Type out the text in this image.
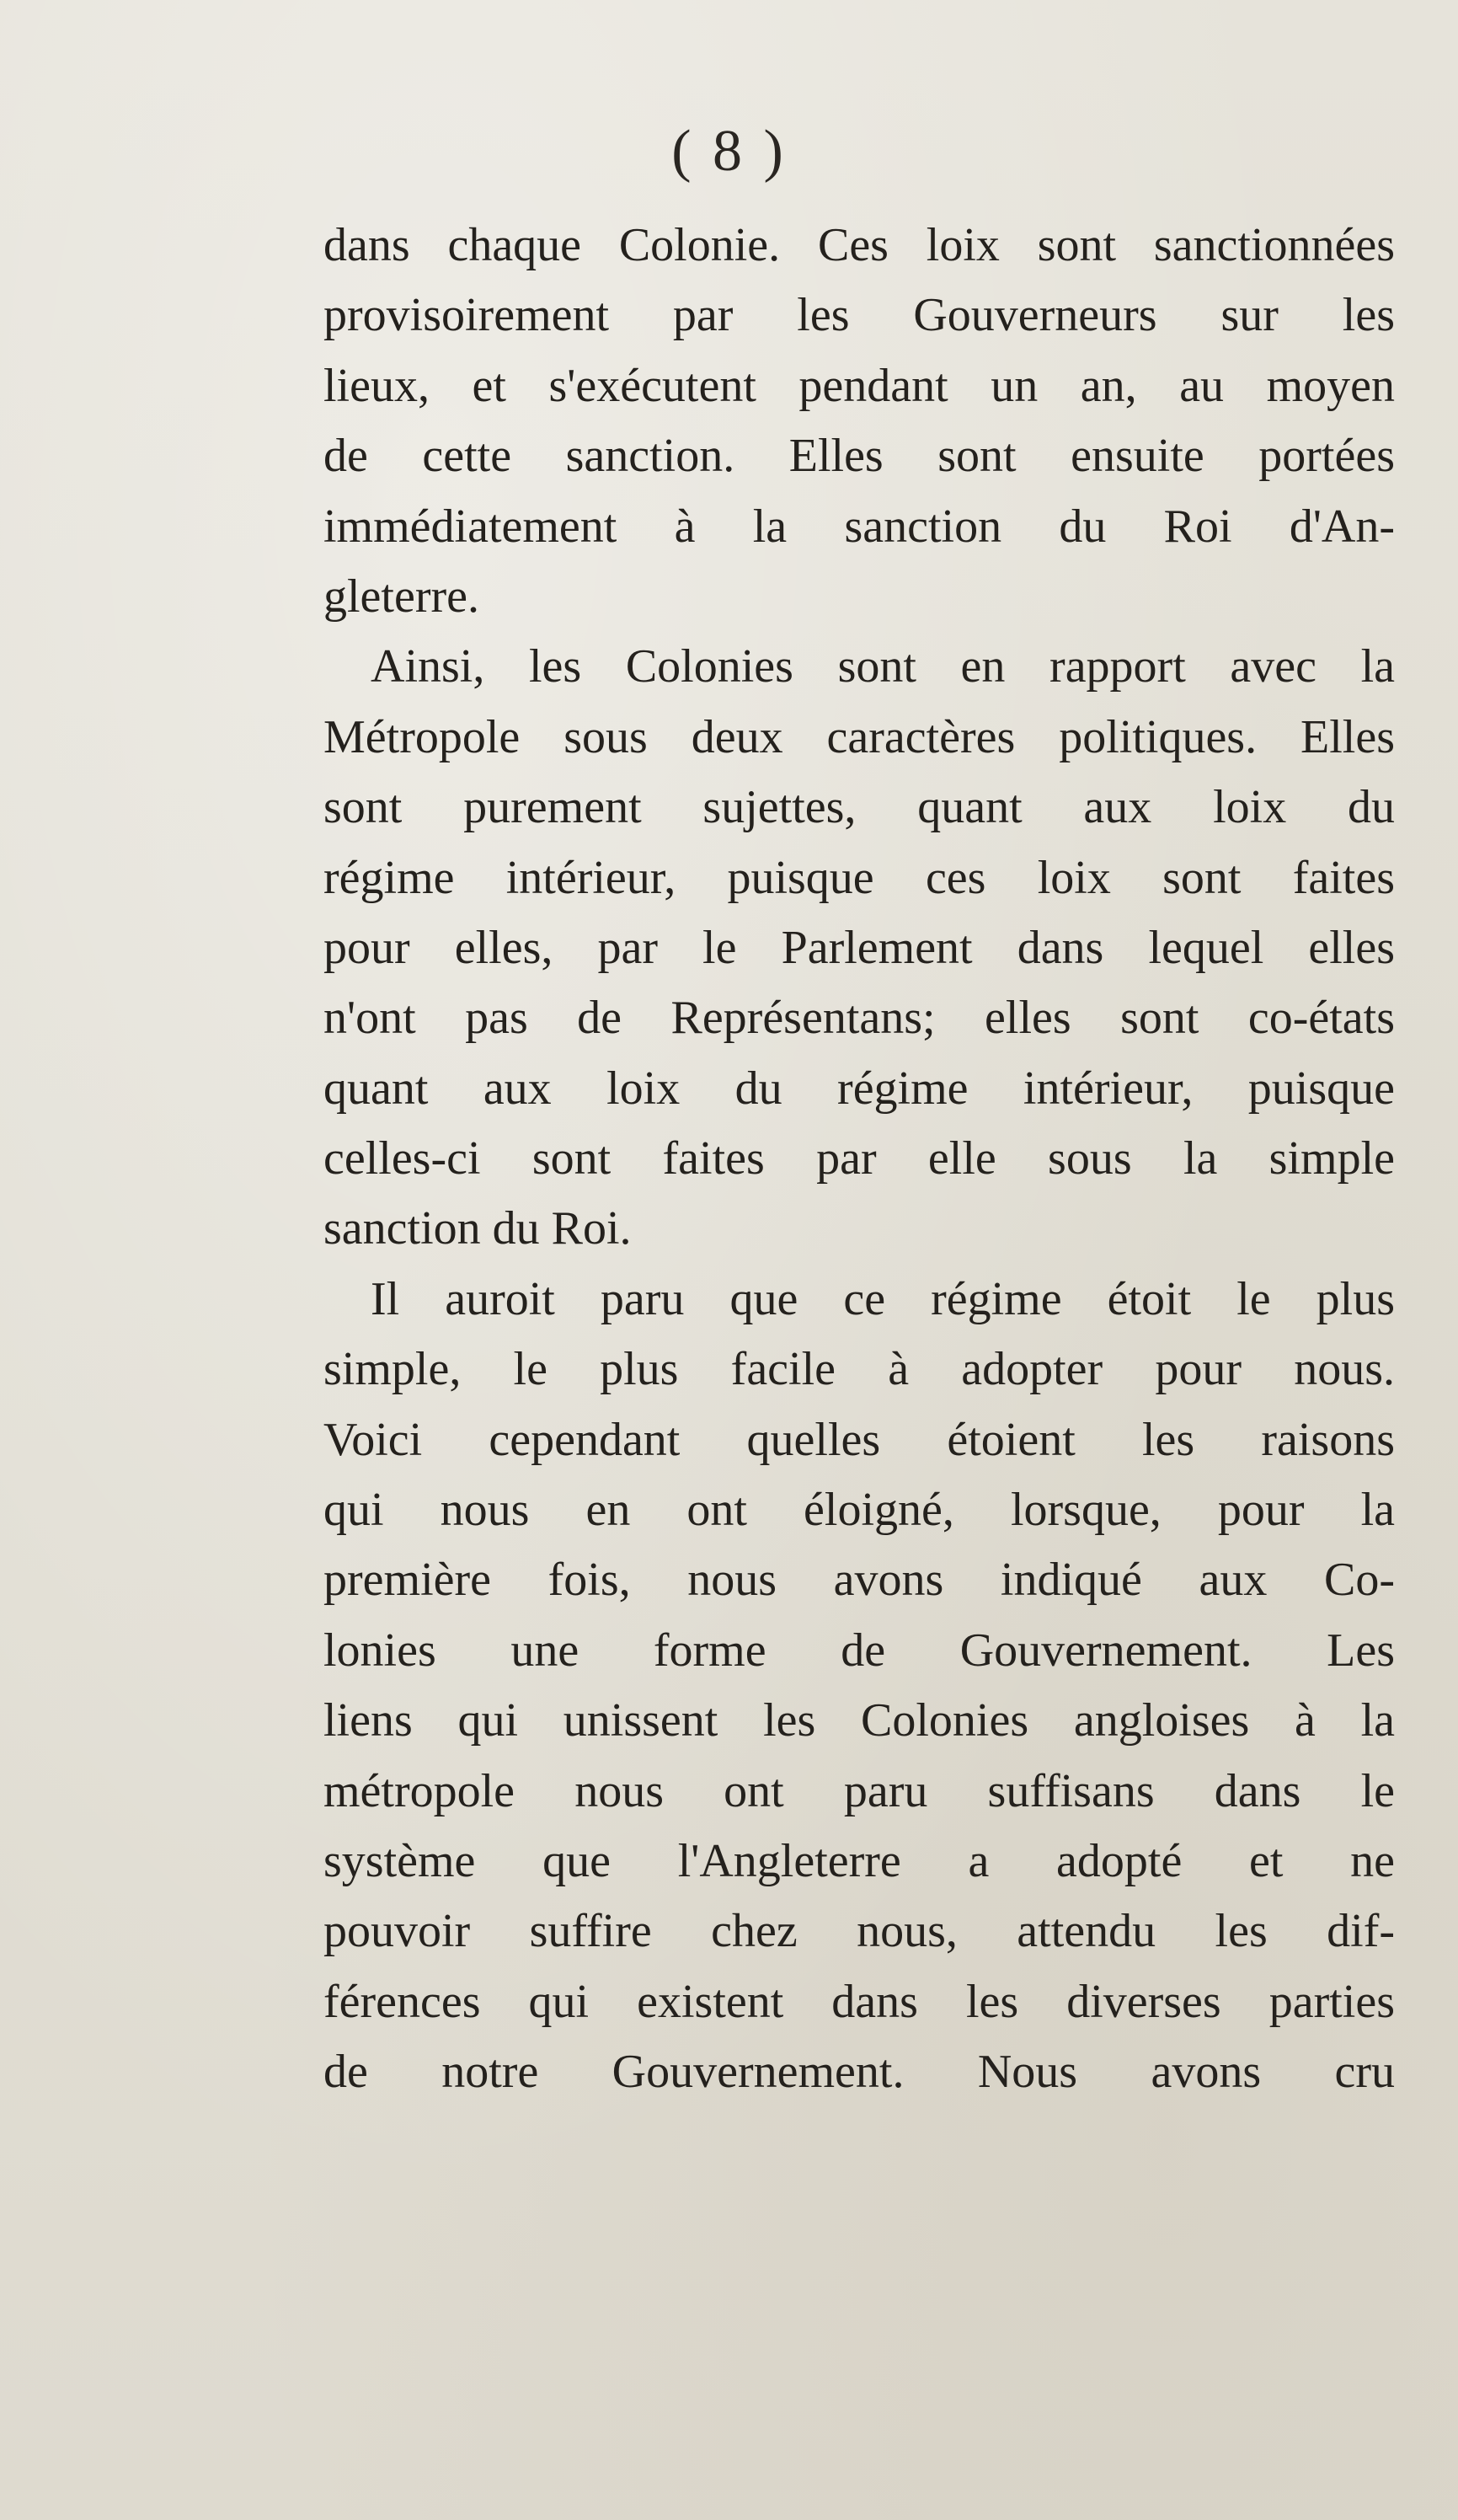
( 8 )
dans chaque Colonie. Ces loix sont sanctionnées
provisoirement par les Gouverneurs sur les
lieux, et s'exécutent pendant un an, au moyen
de cette sanction. Elles sont ensuite portées
immédiatement à la sanction du Roi d'An-
gleterre.
Ainsi, les Colonies sont en rapport avec la
Métropole sous deux caractères politiques. Elles
sont purement sujettes, quant aux loix du
régime intérieur, puisque ces loix sont faites
pour elles, par le Parlement dans lequel elles
n'ont pas de Représentans; elles sont co-états
quant aux loix du régime intérieur, puisque
celles-ci sont faites par elle sous la simple
sanction du Roi.
Il auroit paru que ce régime étoit le plus
simple, le plus facile à adopter pour nous.
Voici cependant quelles étoient les raisons
qui nous en ont éloigné, lorsque, pour la
première fois, nous avons indiqué aux Co-
lonies une forme de Gouvernement. Les
liens qui unissent les Colonies angloises à la
métropole nous ont paru suffisans dans le
système que l'Angleterre a adopté et ne
pouvoir suffire chez nous, attendu les dif-
férences qui existent dans les diverses parties
de notre Gouvernement. Nous avons cru
